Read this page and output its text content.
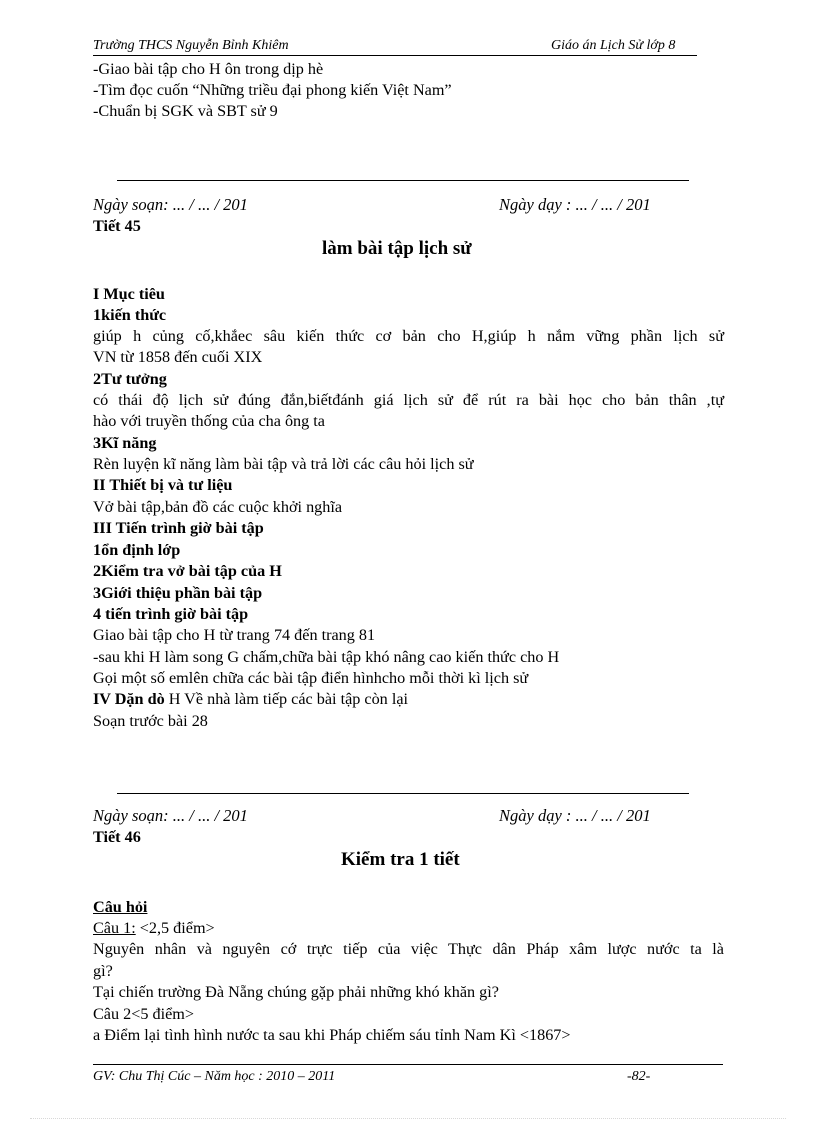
Trường THCS Nguyễn Bỉnh Khiêm	Giáo án Lịch Sử lớp 8
-Giao bài tập cho H ôn trong dịp hè
-Tìm đọc cuốn “Những triều đại phong kiến Việt Nam”
-Chuẩn bị SGK và SBT sử 9
Ngày soạn: ... / ... / 201	Ngày dạy : ... / ... / 201
Tiết 45
làm bài tập lịch sử
I Mục tiêu
1kiến thức
giúp h củng cố,khắec sâu kiến thức cơ bản cho H,giúp h nắm vững phần lịch sử
VN từ 1858 đến cuối XIX
2Tư tưởng
có thái độ lịch sử đúng đắn,biếtđánh giá lịch sử để rút ra bài học cho bản thân ,tự
hào với truyền thống của cha ông ta
3Kĩ năng
Rèn luyện kĩ năng làm bài tập và trả lời các câu hỏi lịch sử
II Thiết bị và tư liệu
Vở bài tập,bản đồ các cuộc khởi nghĩa
III Tiến trình giờ bài tập
1ổn định lớp
2Kiểm tra vở bài tập của H
3Giới thiệu phần bài tập
4 tiến trình giờ bài tập
Giao bài tập cho H từ trang 74 đến trang 81
-sau khi H làm song G chấm,chữa bài tập khó nâng cao kiến thức cho H
Gọi một số emlên chữa các bài tập điển hìnhcho mỗi thời kì lịch sử
IV Dặn dò H Về nhà làm tiếp các bài tập còn lại
Soạn trước bài 28
Ngày soạn: ... / ... / 201	Ngày dạy : ... / ... / 201
Tiết 46
Kiểm tra 1 tiết
Câu hỏi
Câu 1: <2,5 điểm>
Nguyên nhân và nguyên cớ trực tiếp của việc Thực dân Pháp xâm lược nước ta là
gì?
Tại chiến trường Đà Nẵng chúng gặp phải những khó khăn gì?
Câu 2<5 điểm>
a Điểm lại tình hình nước ta sau khi Pháp chiếm sáu tỉnh Nam Kì <1867>
GV: Chu Thị Cúc – Năm học : 2010 – 2011	-82-
